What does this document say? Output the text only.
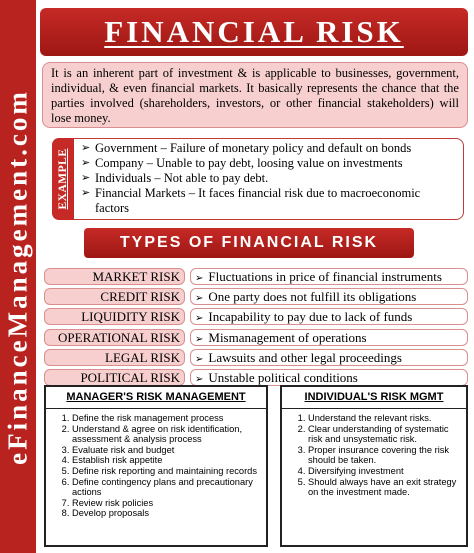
eFinanceManagement.com
FINANCIAL RISK
It is an inherent part of investment & is applicable to businesses, government, individual, & even financial markets. It basically represents the chance that the parties involved (shareholders, investors, or other financial stakeholders) will lose money.
EXAMPLE
➢ Government – Failure of monetary policy and default on bonds
➢ Company – Unable to pay debt, loosing value on investments
➢ Individuals – Not able to pay debt.
➢ Financial Markets – It faces financial risk due to macroeconomic factors
TYPES OF FINANCIAL RISK
MARKET RISK	➢ Fluctuations in price of financial instruments
CREDIT RISK	➢ One party does not fulfill its obligations
LIQUIDITY RISK	➢ Incapability to pay due to lack of funds
OPERATIONAL RISK	➢ Mismanagement of operations
LEGAL RISK	➢ Lawsuits and other legal proceedings
POLITICAL RISK	➢ Unstable political conditions
MANAGER'S RISK MANAGEMENT
1. Define the risk management process
2. Understand & agree on risk identification, assessment & analysis process
3. Evaluate risk and budget
4. Establish risk appetite
5. Define risk reporting and maintaining records
6. Define contingency plans and precautionary actions
7. Review risk policies
8. Develop proposals
INDIVIDUAL'S RISK MGMT
1. Understand the relevant risks.
2. Clear understanding of systematic risk and unsystematic risk.
3. Proper insurance covering the risk should be taken.
4. Diversifying investment
5. Should always have an exit strategy on the investment made.
